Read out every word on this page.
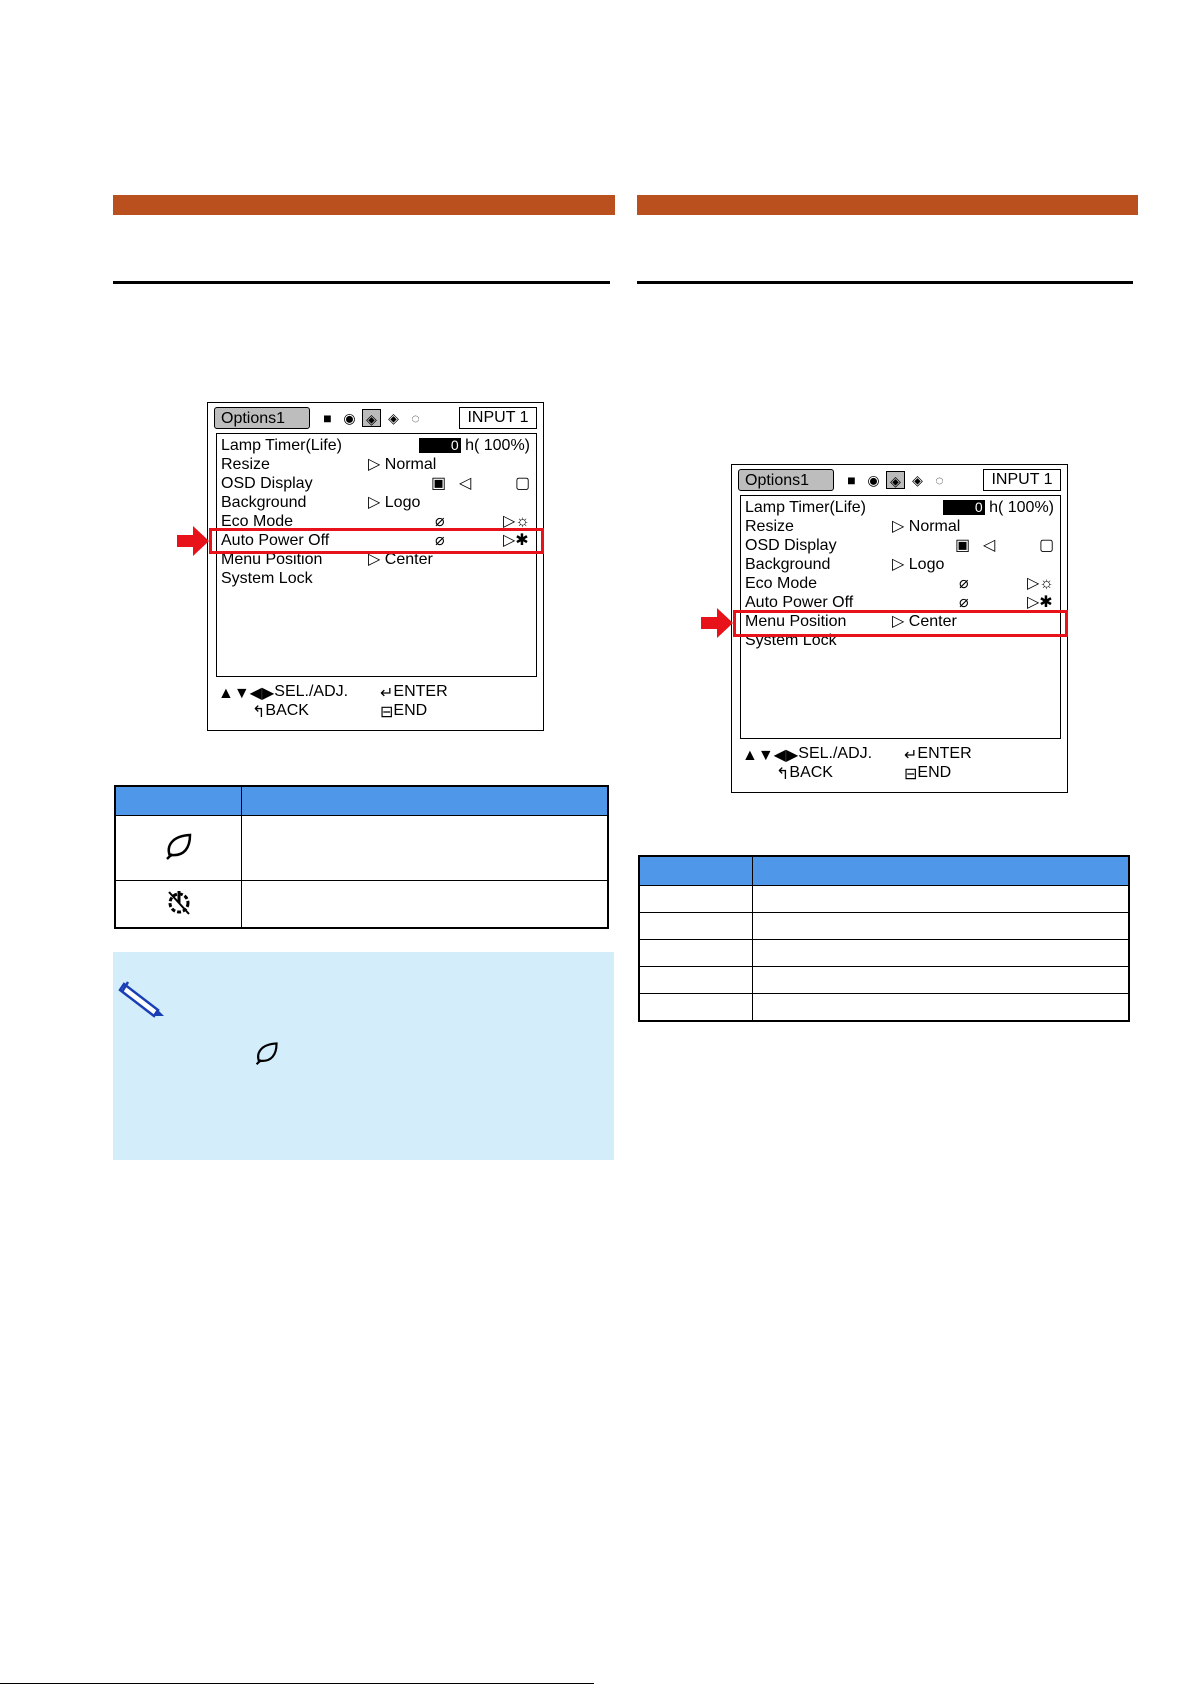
Options1	■ ◉ ◈ ◈ ◌	INPUT 1
Lamp Timer(Life)	0 h( 100%)
Resize	▷ Normal
OSD Display	▣ ◁	▢
Background	▷ Logo
Eco Mode	⌀	▷☼
Auto Power Off	⌀	▷✱
Menu Position	▷ Center
System Lock
▲▼◀▶ SEL./ADJ. ↵ ENTER
↰ BACK	⊟ END
Options1	■ ◉ ◈ ◈ ◌	INPUT 1
Lamp Timer(Life)	0 h( 100%)
Resize	▷ Normal
OSD Display	▣ ◁	▢
Background	▷ Logo
Eco Mode	⌀	▷☼
Auto Power Off	⌀	▷✱
Menu Position	▷ Center
System Lock
▲▼◀▶ SEL./ADJ. ↵ ENTER
↰ BACK	⊟ END
